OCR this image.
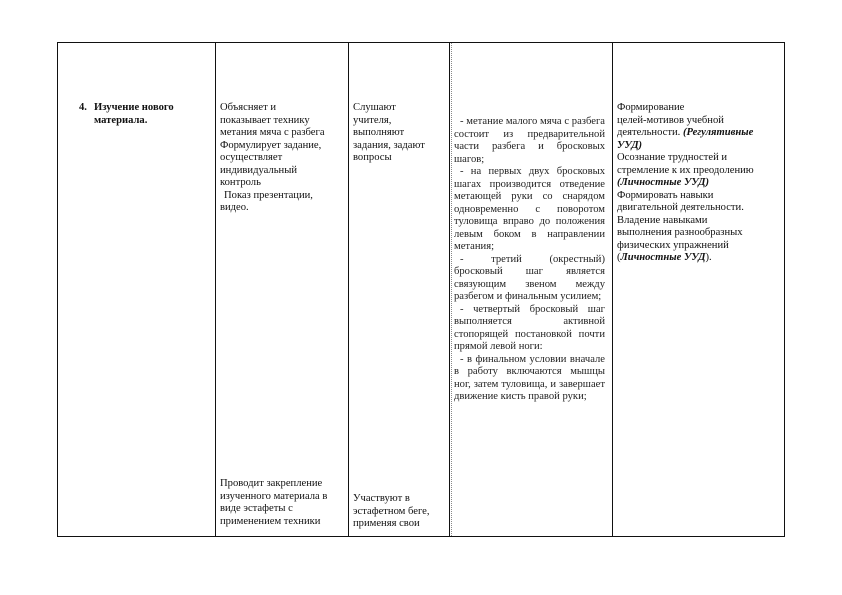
4. Изучение нового материала.
Объясняет и
показывает технику
метания мяча с разбега
Формулирует задание,
осуществляет
индивидуальный
контроль
Показ презентации,
видео.
Проводит закрепление
изученного материала в
виде эстафеты с
применением техники
Слушают
учителя,
выполняют
задания, задают
вопросы
Участвуют в
эстафетном беге,
применяя свои

- метание малого мяча с разбега состоит из предварительной части разбега и бросковых шагов;

- на первых двух бросковых шагах производится отведение метающей руки со снарядом одновременно с поворотом туловища вправо до положения левым боком в направлении метания;

- третий (окрестный) бросковый шаг является связующим звеном между разбегом и финальным усилием;

- четвертый бросковый шаг выполняется активной стопорящей постановкой почти прямой левой ноги:

- в финальном условии вначале в работу включаются мышцы ног, затем туловища, и завершает движение кисть правой руки;

Формирование
целей-мотивов учебной
деятельности. (Регулятивные
УУД)
Осознание трудностей и
стремление к их преодолению
(Личностные УУД)
Формировать навыки
двигательной деятельности.
Владение навыками
выполнения разнообразных
физических упражнений
(Личностные УУД).
